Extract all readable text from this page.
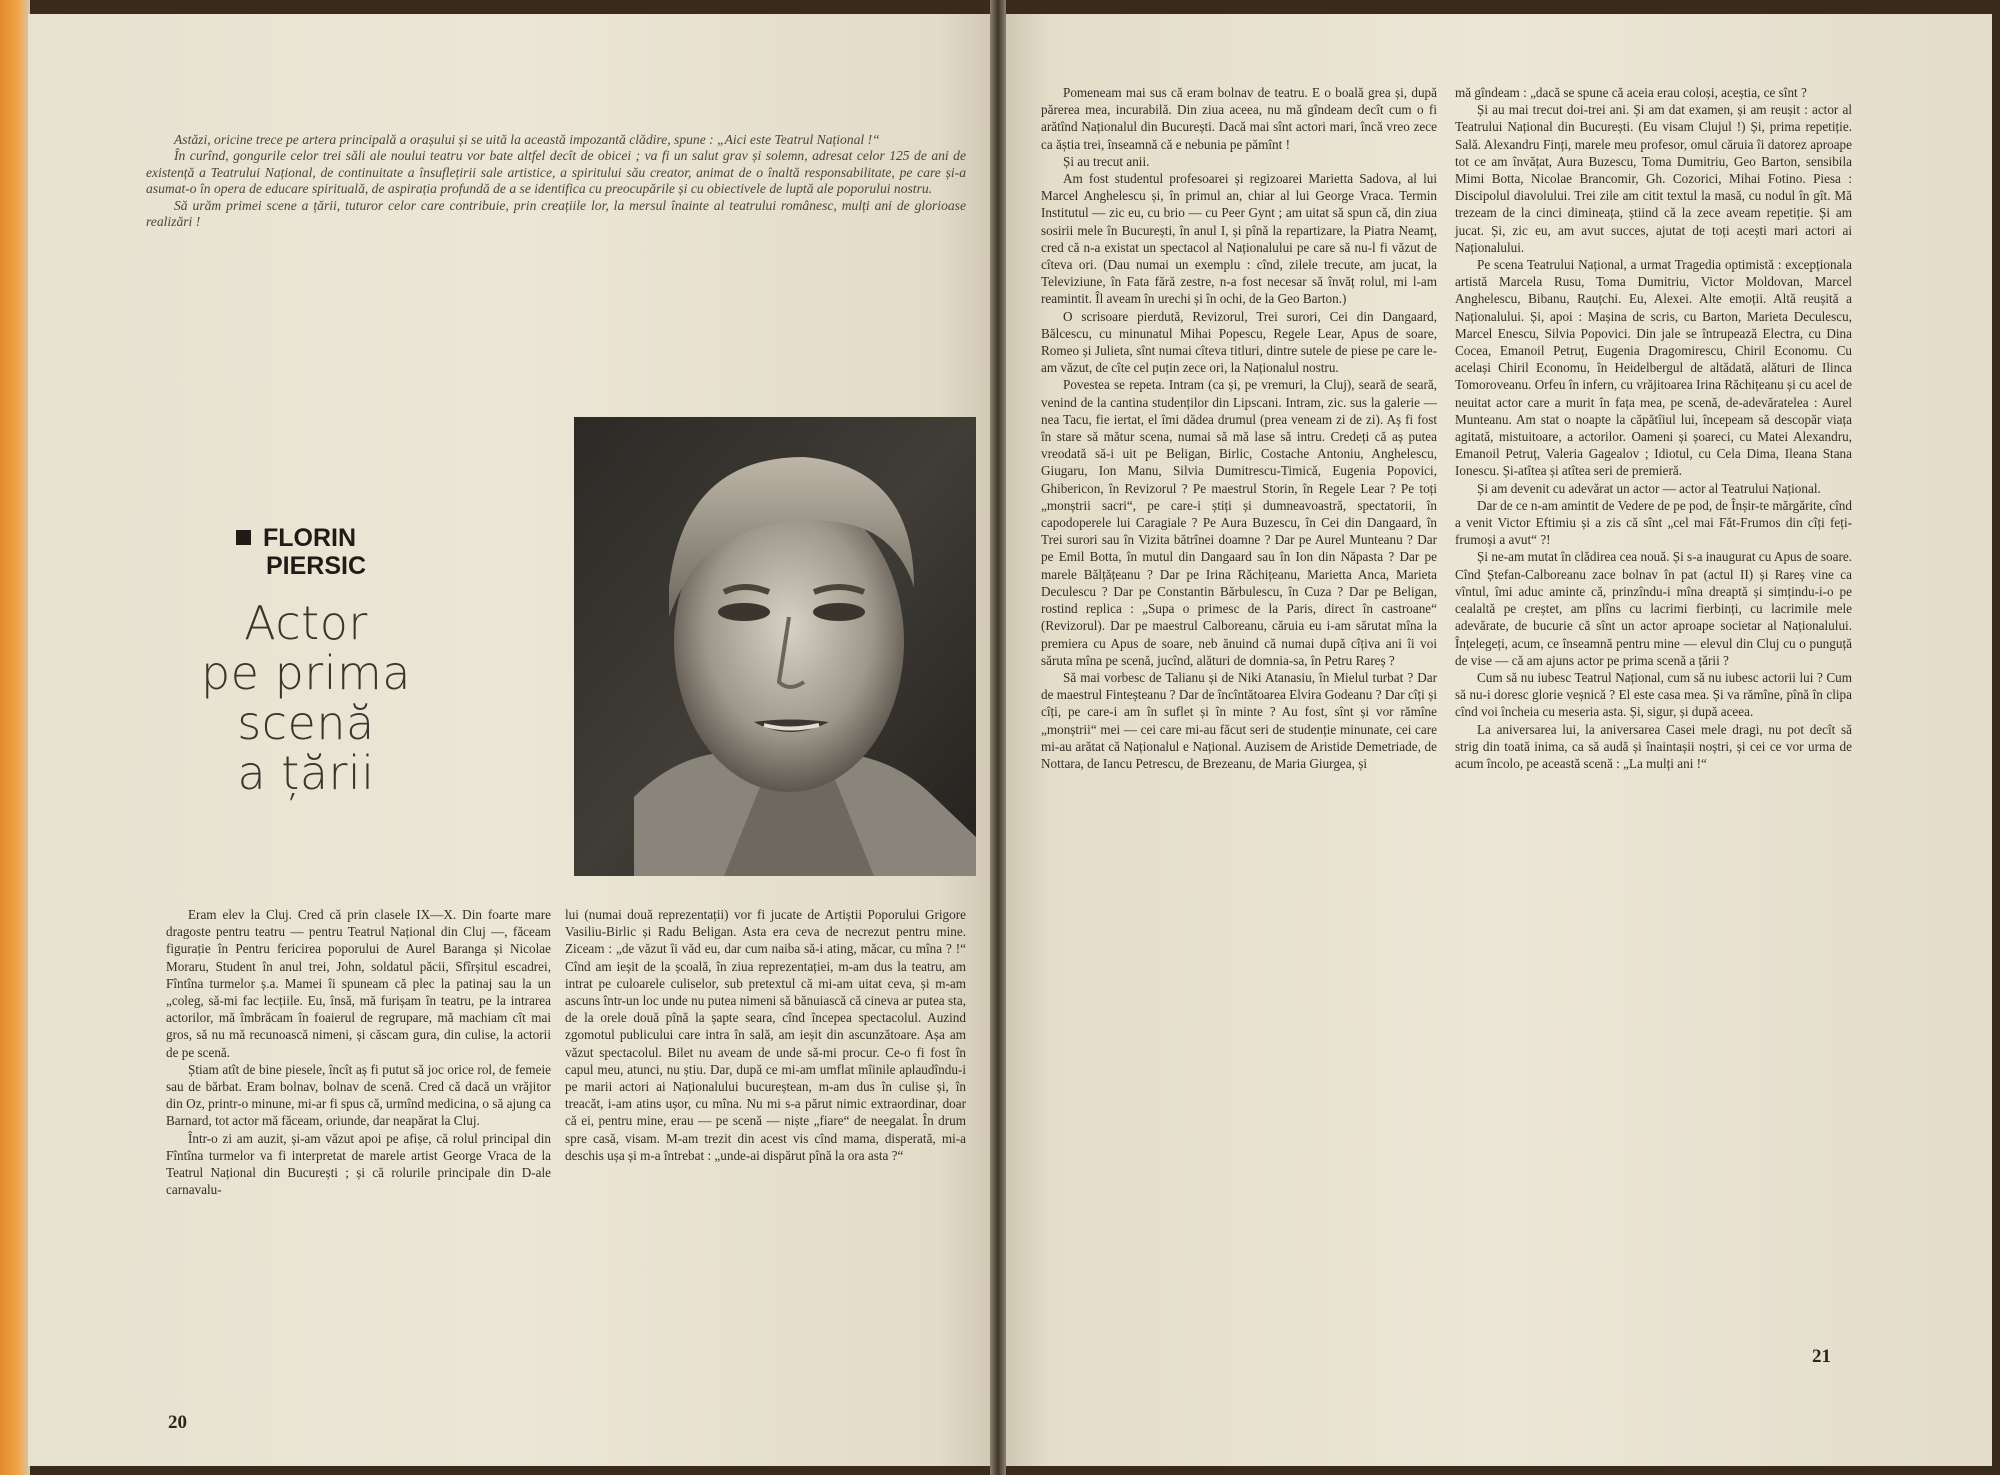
Astăzi, oricine trece pe artera principală a orașului și se uită la această impozantă clădire, spune : „Aici este Teatrul Național !“

În curînd, gongurile celor trei săli ale noului teatru vor bate altfel decît de obicei ; va fi un salut grav și solemn, adresat celor 125 de ani de existență a Teatrului Național, de continuitate a însuflețirii sale artistice, a spiritului său creator, animat de o înaltă responsabilitate, pe care și-a asumat-o în opera de educare spirituală, de aspirația profundă de a se identifica cu preocupările și cu obiectivele de luptă ale poporului nostru.

Să urăm primei scene a țării, tuturor celor care contribuie, prin creațiile lor, la mersul înainte al teatrului românesc, mulți ani de glorioase realizări !

FLORIN
PIERSIC
Actor
pe prima scenă
a țării

Eram elev la Cluj. Cred că prin clasele IX—X. Din foarte mare dragoste pentru teatru — pentru Teatrul Național din Cluj —, făceam figurație în Pentru fericirea poporului de Aurel Baranga și Nicolae Moraru, Student în anul trei, John, soldatul păcii, Sfîrșitul escadrei, Fîntîna turmelor ș.a. Mamei îi spuneam că plec la patinaj sau la un „coleg, să-mi fac lecțiile. Eu, însă, mă furișam în teatru, pe la intrarea actorilor, mă îmbrăcam în foaierul de regrupare, mă machiam cît mai gros, să nu mă recunoască nimeni, și căscam gura, din culise, la actorii de pe scenă.

Știam atît de bine piesele, încît aș fi putut să joc orice rol, de femeie sau de bărbat. Eram bolnav, bolnav de scenă. Cred că dacă un vrăjitor din Oz, printr-o minune, mi-ar fi spus că, urmînd medicina, o să ajung ca Barnard, tot actor mă făceam, oriunde, dar neapărat la Cluj.

Într-o zi am auzit, și-am văzut apoi pe afișe, că rolul principal din Fîntîna turmelor va fi interpretat de marele artist George Vraca de la Teatrul Național din București ; și că rolurile principale din D-ale carnavalu-

lui (numai două reprezentații) vor fi jucate de Artiștii Poporului Grigore Vasiliu-Birlic și Radu Beligan. Asta era ceva de necrezut pentru mine. Ziceam : „de văzut îi văd eu, dar cum naiba să-i ating, măcar, cu mîna ? !“ Cînd am ieșit de la școală, în ziua reprezentației, m-am dus la teatru, am intrat pe culoarele culiselor, sub pretextul că mi-am uitat ceva, și m-am ascuns într-un loc unde nu putea nimeni să bănuiască că cineva ar putea sta, de la orele două pînă la șapte seara, cînd începea spectacolul. Auzind zgomotul publicului care intra în sală, am ieșit din ascunzătoare. Așa am văzut spectacolul. Bilet nu aveam de unde să-mi procur. Ce-o fi fost în capul meu, atunci, nu știu. Dar, după ce mi-am umflat mîinile aplaudîndu-i pe marii actori ai Naționalului bucureștean, m-am dus în culise și, în treacăt, i-am atins ușor, cu mîna. Nu mi s-a părut nimic extraordinar, doar că ei, pentru mine, erau — pe scenă — niște „fiare“ de neegalat. În drum spre casă, visam. M-am trezit din acest vis cînd mama, disperată, mi-a deschis ușa și m-a întrebat : „unde-ai dispărut pînă la ora asta ?“

20

Pomeneam mai sus că eram bolnav de teatru. E o boală grea și, după părerea mea, incurabilă. Din ziua aceea, nu mă gîndeam decît cum o fi arătînd Naționalul din București. Dacă mai sînt actori mari, încă vreo zece ca ăștia trei, înseamnă că e nebunia pe pămînt !

Și au trecut anii.

Am fost studentul profesoarei și regizoarei Marietta Sadova, al lui Marcel Anghelescu și, în primul an, chiar al lui George Vraca. Termin Institutul — zic eu, cu brio — cu Peer Gynt ; am uitat să spun că, din ziua sosirii mele în București, în anul I, și pînă la repartizare, la Piatra Neamț, cred că n-a existat un spectacol al Naționalului pe care să nu-l fi văzut de cîteva ori. (Dau numai un exemplu : cînd, zilele trecute, am jucat, la Televiziune, în Fata fără zestre, n-a fost necesar să învăț rolul, mi l-am reamintit. Îl aveam în urechi și în ochi, de la Geo Barton.)

O scrisoare pierdută, Revizorul, Trei surori, Cei din Dangaard, Bălcescu, cu minunatul Mihai Popescu, Regele Lear, Apus de soare, Romeo și Julieta, sînt numai cîteva titluri, dintre sutele de piese pe care le-am văzut, de cîte cel puțin zece ori, la Naționalul nostru.

Povestea se repeta. Intram (ca și, pe vremuri, la Cluj), seară de seară, venind de la cantina studenților din Lipscani. Intram, zic. sus la galerie — nea Tacu, fie iertat, el îmi dădea drumul (prea veneam zi de zi). Aș fi fost în stare să mătur scena, numai să mă lase să intru. Credeți că aș putea vreodată să-i uit pe Beligan, Birlic, Costache Antoniu, Anghelescu, Giugaru, Ion Manu, Silvia Dumitrescu-Timică, Eugenia Popovici, Ghibericon, în Revizorul ? Pe maestrul Storin, în Regele Lear ? Pe toți „monștrii sacri“, pe care-i știți și dumneavoastră, spectatorii, în capodoperele lui Caragiale ? Pe Aura Buzescu, în Cei din Dangaard, în Trei surori sau în Vizita bătrînei doamne ? Dar pe Aurel Munteanu ? Dar pe Emil Botta, în mutul din Dangaard sau în Ion din Năpasta ? Dar pe marele Bălțățeanu ? Dar pe Irina Răchițeanu, Marietta Anca, Marieta Deculescu ? Dar pe Constantin Bărbulescu, în Cuza ? Dar pe Beligan, rostind replica : „Supa o primesc de la Paris, direct în castroane“ (Revizorul). Dar pe maestrul Calboreanu, căruia eu i-am sărutat mîna la premiera cu Apus de soare, neb ănuind că numai după cîțiva ani îi voi săruta mîna pe scenă, jucînd, alături de domnia-sa, în Petru Rareș ?

Să mai vorbesc de Talianu și de Niki Atanasiu, în Mielul turbat ? Dar de maestrul Finteșteanu ? Dar de încîntătoarea Elvira Godeanu ? Dar cîți și cîți, pe care-i am în suflet și în minte ? Au fost, sînt și vor rămîne „monștrii“ mei — cei care mi-au făcut seri de studenție minunate, cei care mi-au arătat că Naționalul e Național. Auzisem de Aristide Demetriade, de Nottara, de Iancu Petrescu, de Brezeanu, de Maria Giurgea, și

mă gîndeam : „dacă se spune că aceia erau coloși, aceștia, ce sînt ?

Și au mai trecut doi-trei ani. Și am dat examen, și am reușit : actor al Teatrului Național din București. (Eu visam Clujul !) Și, prima repetiție. Sală. Alexandru Finți, marele meu profesor, omul căruia îi datorez aproape tot ce am învățat, Aura Buzescu, Toma Dumitriu, Geo Barton, sensibila Mimi Botta, Nicolae Brancomir, Gh. Cozorici, Mihai Fotino. Piesa : Discipolul diavolului. Trei zile am citit textul la masă, cu nodul în gît. Mă trezeam de la cinci dimineața, știind că la zece aveam repetiție. Și am jucat. Și, zic eu, am avut succes, ajutat de toți acești mari actori ai Naționalului.

Pe scena Teatrului Național, a urmat Tragedia optimistă : excepționala artistă Marcela Rusu, Toma Dumitriu, Victor Moldovan, Marcel Anghelescu, Bibanu, Rauțchi. Eu, Alexei. Alte emoții. Altă reușită a Naționalului. Și, apoi : Mașina de scris, cu Barton, Marieta Deculescu, Marcel Enescu, Silvia Popovici. Din jale se întrupează Electra, cu Dina Cocea, Emanoil Petruț, Eugenia Dragomirescu, Chiril Economu. Cu același Chiril Economu, în Heidelbergul de altădată, alături de Ilinca Tomoroveanu. Orfeu în infern, cu vrăjitoarea Irina Răchițeanu și cu acel de neuitat actor care a murit în fața mea, pe scenă, de-adevăratelea : Aurel Munteanu. Am stat o noapte la căpătîiul lui, începeam să descopăr viața agitată, mistuitoare, a actorilor. Oameni și șoareci, cu Matei Alexandru, Emanoil Petruț, Valeria Gagealov ; Idiotul, cu Cela Dima, Ileana Stana Ionescu. Și-atîtea și atîtea seri de premieră.

Și am devenit cu adevărat un actor — actor al Teatrului Național.

Dar de ce n-am amintit de Vedere de pe pod, de Înșir-te mărgărite, cînd a venit Victor Eftimiu și a zis că sînt „cel mai Făt-Frumos din cîți feți-frumoși a avut“ ?!

Și ne-am mutat în clădirea cea nouă. Și s-a inaugurat cu Apus de soare. Cînd Ștefan-Calboreanu zace bolnav în pat (actul II) și Rareș vine ca vîntul, îmi aduc aminte că, prinzîndu-i mîna dreaptă și simțindu-i-o pe cealaltă pe creștet, am plîns cu lacrimi fierbinți, cu lacrimile mele adevărate, de bucurie că sînt un actor aproape societar al Naționalului. Înțelegeți, acum, ce înseamnă pentru mine — elevul din Cluj cu o punguță de vise — că am ajuns actor pe prima scenă a țării ?

Cum să nu iubesc Teatrul Național, cum să nu iubesc actorii lui ? Cum să nu-i doresc glorie veșnică ? El este casa mea. Și va rămîne, pînă în clipa cînd voi încheia cu meseria asta. Și, sigur, și după aceea.

La aniversarea lui, la aniversarea Casei mele dragi, nu pot decît să strig din toată inima, ca să audă și înaintașii noștri, și cei ce vor urma de acum încolo, pe această scenă : „La mulți ani !“

21
